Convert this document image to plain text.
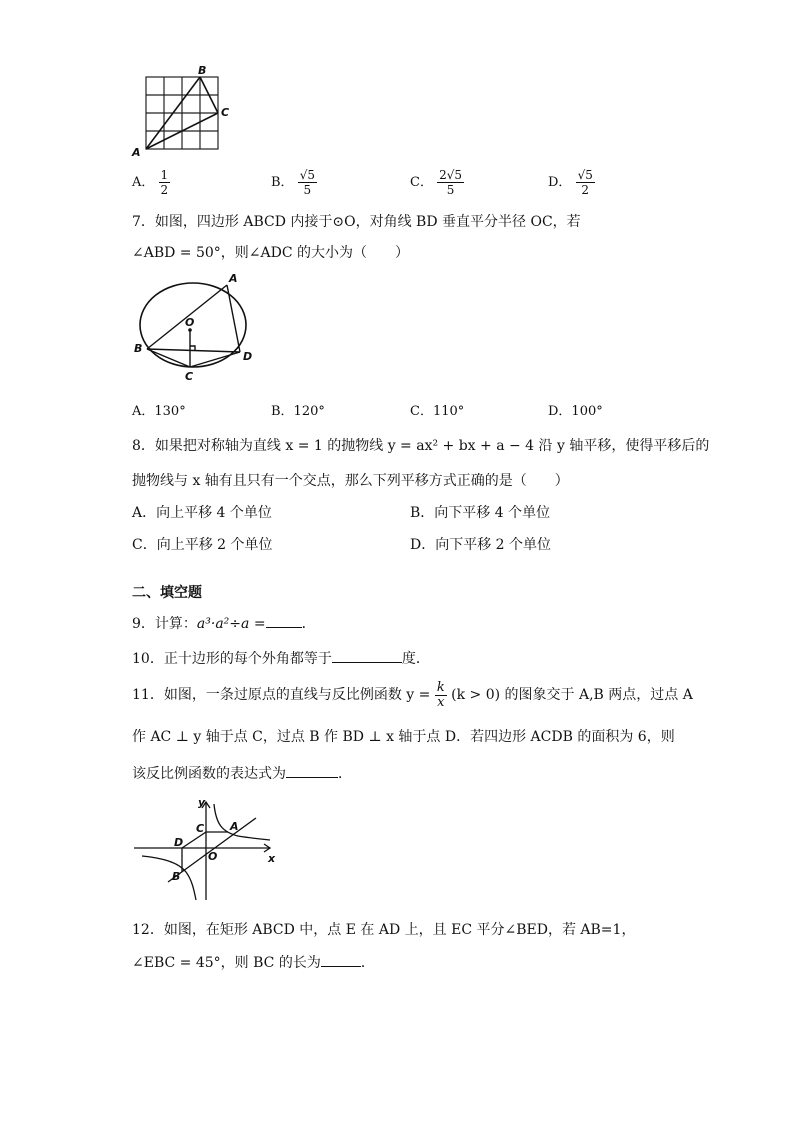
A
B
C
A． $\frac{1}{2}$	B． $\frac{√5}{5}$	C． $\frac{2√5}{5}$	D． $\frac{√5}{2}$
7．如图，四边形 ABCD 内接于⊙O，对角线 BD 垂直平分半径 OC，若
∠ABD = 50°，则∠ADC 的大小为（　　）
A
B
C
D
O
A．130°	B．120°	C．110°	D．100°
8．如果把对称轴为直线 x = 1 的抛物线 y = ax² + bx + a − 4 沿 y 轴平移，使得平移后的
抛物线与 x 轴有且只有一个交点，那么下列平移方式正确的是（　　）
A．向上平移 4 个单位	B．向下平移 4 个单位
C．向上平移 2 个单位	D．向下平移 2 个单位
二、填空题
9．计算：a³·a²÷a =	．
10．正十边形的每个外角都等于	度．
11．如图，一条过原点的直线与反比例函数 $y = \frac{k}{x} (k > 0)$ 的图象交于 A,B 两点，过点 A
作 AC ⊥ y 轴于点 C，过点 B 作 BD ⊥ x 轴于点 D．若四边形 ACDB 的面积为 6，则
该反比例函数的表达式为	．
y
x
A
B
C
D
O
12．如图，在矩形 ABCD 中，点 E 在 AD 上，且 EC 平分∠BED，若 AB=1，
∠EBC = 45°，则 BC 的长为	．
